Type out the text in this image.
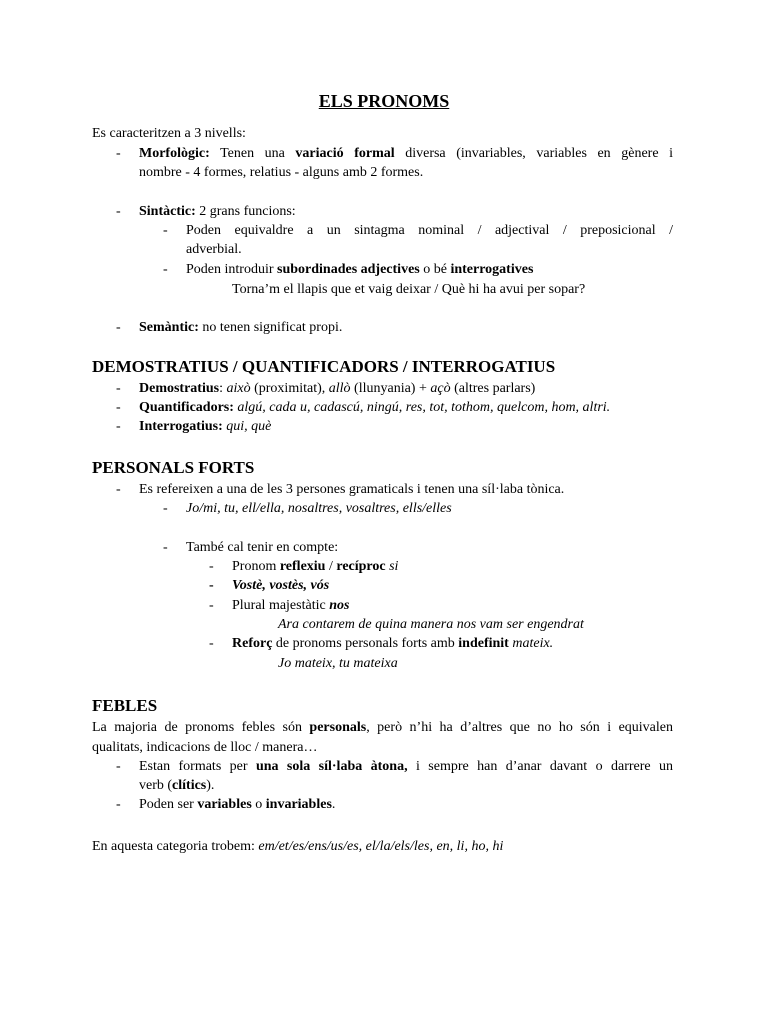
ELS PRONOMS
Es caracteritzen a 3 nivells:
- Morfològic: Tenen una variació formal diversa (invariables, variables en gènere i
nombre - 4 formes, relatius - alguns amb 2 formes.
- Sintàctic: 2 grans funcions:
- Poden equivaldre a un sintagma nominal / adjectival / preposicional /
adverbial.
- Poden introduir subordinades adjectives o bé interrogatives
Torna’m el llapis que et vaig deixar / Què hi ha avui per sopar?
- Semàntic: no tenen significat propi.
DEMOSTRATIUS / QUANTIFICADORS / INTERROGATIUS
- Demostratius: això (proximitat), allò (llunyania) + açò (altres parlars)
- Quantificadors: algú, cada u, cadascú, ningú, res, tot, tothom, quelcom, hom, altri.
- Interrogatius: qui, què
PERSONALS FORTS
- Es refereixen a una de les 3 persones gramaticals i tenen una síl·laba tònica.
- Jo/mi, tu, ell/ella, nosaltres, vosaltres, ells/elles
- També cal tenir en compte:
- Pronom reflexiu / recíproc si
- Vostè, vostès, vós
- Plural majestàtic nos
Ara contarem de quina manera nos vam ser engendrat
- Reforç de pronoms personals forts amb indefinit mateix.
Jo mateix, tu mateixa
FEBLES
La majoria de pronoms febles són personals, però n’hi ha d’altres que no ho són i equivalen
qualitats, indicacions de lloc / manera…
- Estan formats per una sola síl·laba àtona, i sempre han d’anar davant o darrere un
verb (clítics).
- Poden ser variables o invariables.
En aquesta categoria trobem: em/et/es/ens/us/es, el/la/els/les, en, li, ho, hi
